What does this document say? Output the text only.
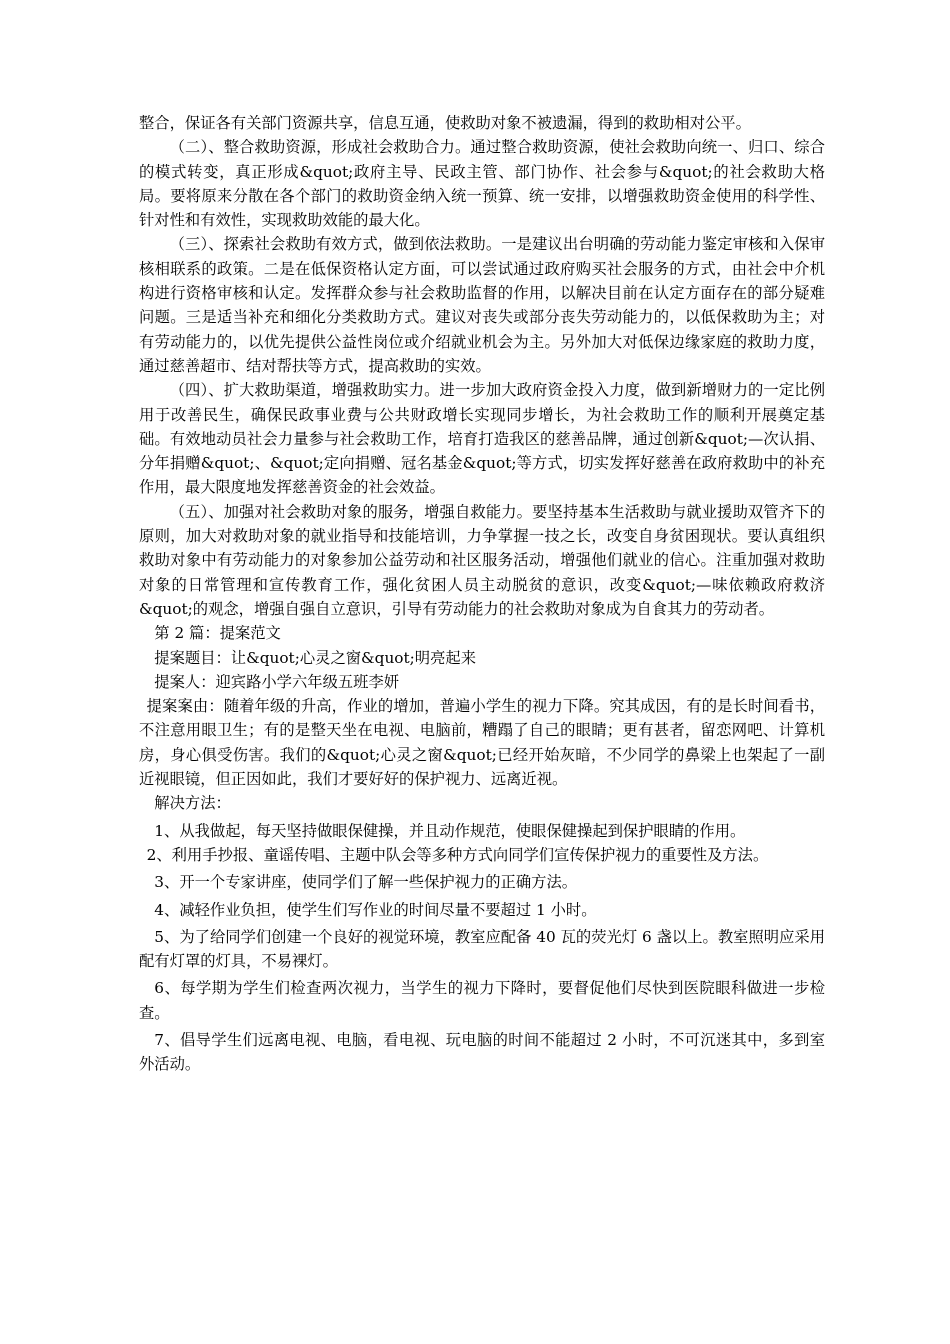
整合，保证各有关部门资源共享，信息互通，使救助对象不被遗漏，得到的救助相对公平。

（二）、整合救助资源，形成社会救助合力。通过整合救助资源，使社会救助向统一、归口、综合的模式转变，真正形成&quot;政府主导、民政主管、部门协作、社会参与&quot;的社会救助大格局。要将原来分散在各个部门的救助资金纳入统一预算、统一安排，以增强救助资金使用的科学性、针对性和有效性，实现救助效能的最大化。

（三）、探索社会救助有效方式，做到依法救助。一是建议出台明确的劳动能力鉴定审核和入保审核相联系的政策。二是在低保资格认定方面，可以尝试通过政府购买社会服务的方式，由社会中介机构进行资格审核和认定。发挥群众参与社会救助监督的作用，以解决目前在认定方面存在的部分疑难问题。三是适当补充和细化分类救助方式。建议对丧失或部分丧失劳动能力的，以低保救助为主；对有劳动能力的，以优先提供公益性岗位或介绍就业机会为主。另外加大对低保边缘家庭的救助力度，通过慈善超市、结对帮扶等方式，提高救助的实效。

（四）、扩大救助渠道，增强救助实力。进一步加大政府资金投入力度，做到新增财力的一定比例用于改善民生，确保民政事业费与公共财政增长实现同步增长，为社会救助工作的顺利开展奠定基础。有效地动员社会力量参与社会救助工作，培育打造我区的慈善品牌，通过创新&quot;—次认捐、分年捐赠&quot;、&quot;定向捐赠、冠名基金&quot;等方式，切实发挥好慈善在政府救助中的补充作用，最大限度地发挥慈善资金的社会效益。

（五）、加强对社会救助对象的服务，增强自救能力。要坚持基本生活救助与就业援助双管齐下的原则，加大对救助对象的就业指导和技能培训，力争掌握一技之长，改变自身贫困现状。要认真组织救助对象中有劳动能力的对象参加公益劳动和社区服务活动，增强他们就业的信心。注重加强对救助对象的日常管理和宣传教育工作，强化贫困人员主动脱贫的意识，改变&quot;—味依赖政府救济&quot;的观念，增强自强自立意识，引导有劳动能力的社会救助对象成为自食其力的劳动者。

第 2 篇：提案范文

提案题目：让&quot;心灵之窗&quot;明亮起来

提案人：迎宾路小学六年级五班李妍

提案案由：随着年级的升高，作业的增加，普遍小学生的视力下降。究其成因，有的是长时间看书，不注意用眼卫生；有的是整天坐在电视、电脑前，糟蹋了自己的眼睛；更有甚者，留恋网吧、计算机房，身心俱受伤害。我们的&quot;心灵之窗&quot;已经开始灰暗，不少同学的鼻梁上也架起了一副近视眼镜，但正因如此，我们才要好好的保护视力、远离近视。

解决方法：

1、从我做起，每天坚持做眼保健操，并且动作规范，使眼保健操起到保护眼睛的作用。

2、利用手抄报、童谣传唱、主题中队会等多种方式向同学们宣传保护视力的重要性及方法。

3、开一个专家讲座，使同学们了解一些保护视力的正确方法。

4、减轻作业负担，使学生们写作业的时间尽量不要超过 1 小时。

5、为了给同学们创建一个良好的视觉环境，教室应配备 40 瓦的荧光灯 6 盏以上。教室照明应采用配有灯罩的灯具，不易裸灯。

6、每学期为学生们检查两次视力，当学生的视力下降时，要督促他们尽快到医院眼科做进一步检查。

7、倡导学生们远离电视、电脑，看电视、玩电脑的时间不能超过 2 小时，不可沉迷其中，多到室外活动。
